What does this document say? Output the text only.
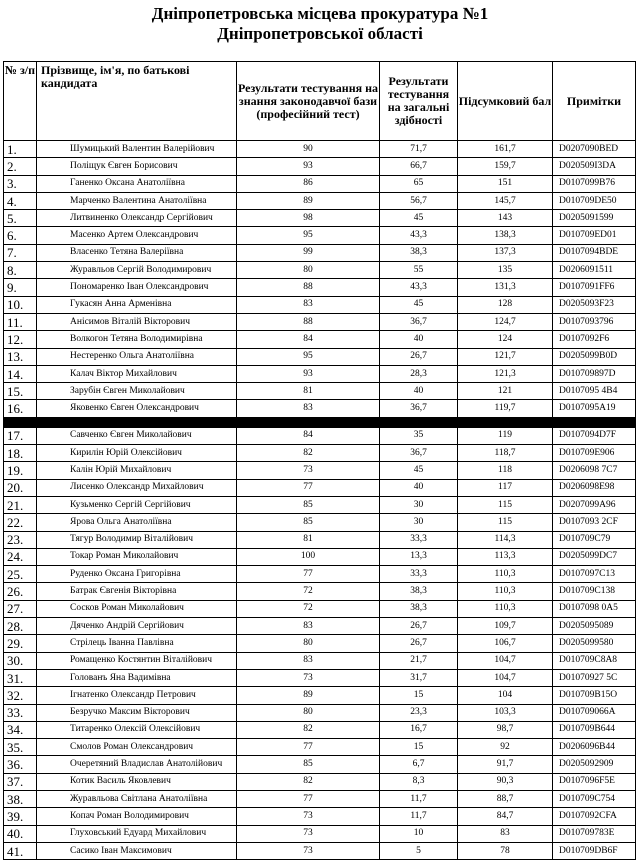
Дніпропетровська місцева прокуратура №1
Дніпропетровської області
№ з/п	Прізвище, ім'я, по батькові кандидата	Результати тестування на знання законодавчої бази (професійний тест)	Результати тестування на загальні здібності	Підсумковий бал	Примітки
1.	Шумицький Валентин Валерійович	90	71,7	161,7	D0207090BED
2.	Поліщук Євген Борисович	93	66,7	159,7	D020509I3DA
3.	Ганенко Оксана Анатоліївна	86	65	151	D0107099B76
4.	Марченко Валентина Анатоліївна	89	56,7	145,7	D010709DE50
5.	Литвиненко Олександр Сергійович	98	45	143	D0205091599
6.	Масенко Артем Олександрович	95	43,3	138,3	D010709ED01
7.	Власенко Тетяна Валеріївна	99	38,3	137,3	D0107094BDE
8.	Журавльов Сергій Володимирович	80	55	135	D0206091511
9.	Пономаренко Іван Олександрович	88	43,3	131,3	D0107091FF6
10.	Гукасян Анна Арменівна	83	45	128	D0205093F23
11.	Анісимов Віталій Вікторович	88	36,7	124,7	D0107093796
12.	Волкогон Тетяна Володимирівна	84	40	124	D0107092F6
13.	Нестеренко Ольга Анатоліївна	95	26,7	121,7	D0205099B0D
14.	Калач Віктор Михайлович	93	28,3	121,3	D010709897D
15.	Зарубін Євген Миколайович	81	40	121	D0107095 4B4
16.	Яковенко Євген Олександрович	83	36,7	119,7	D0107095A19

17.	Савченко Євген Миколайович	84	35	119	D0107094D7F
18.	Кирилін Юрій Олексійович	82	36,7	118,7	D010709E906
19.	Калін Юрій Михайлович	73	45	118	D0206098 7C7
20.	Лисенко Олександр Михайлович	77	40	117	D0206098E98
21.	Кузьменко Сергій Сергійович	85	30	115	D0207099A96
22.	Ярова Ольга Анатоліївна	85	30	115	D0107093 2CF
23.	Тягур Володимир Віталійович	81	33,3	114,3	D010709C79
24.	Токар Роман Миколайович	100	13,3	113,3	D0205099DC7
25.	Руденко Оксана Григорівна	77	33,3	110,3	D0107097C13
26.	Батрак Євгенія Вікторівна	72	38,3	110,3	D010709C138
27.	Сосков Роман Миколайович	72	38,3	110,3	D0107098 0A5
28.	Дяченко Андрій Сергійович	83	26,7	109,7	D0205095089
29.	Стрілець Іванна Павлівна	80	26,7	106,7	D0205099580
30.	Ромащенко Костянтин Віталійович	83	21,7	104,7	D010709C8A8
31.	Голованъ Яна Вадимівна	73	31,7	104,7	D01070927 5C
32.	Ігнатенко Олександр Петрович	89	15	104	D010709B15O
33.	Безручко Максим Вікторович	80	23,3	103,3	D010709066A
34.	Титаренко Олексій Олексійович	82	16,7	98,7	D010709B644
35.	Смолов Роман Олександрович	77	15	92	D0206096B44
36.	Очеретяний Владислав Анатолійович	85	6,7	91,7	D0205092909
37.	Котик Василь Яковлевич	82	8,3	90,3	D0107096F5E
38.	Журавльова Світлана Анатоліївна	77	11,7	88,7	D010709C754
39.	Копач Роман Володимирович	73	11,7	84,7	D0107092CFA
40.	Глуховський Едуард Михайлович	73	10	83	D010709783E
41.	Сасико Іван Максимович	73	5	78	D010709DB6F
